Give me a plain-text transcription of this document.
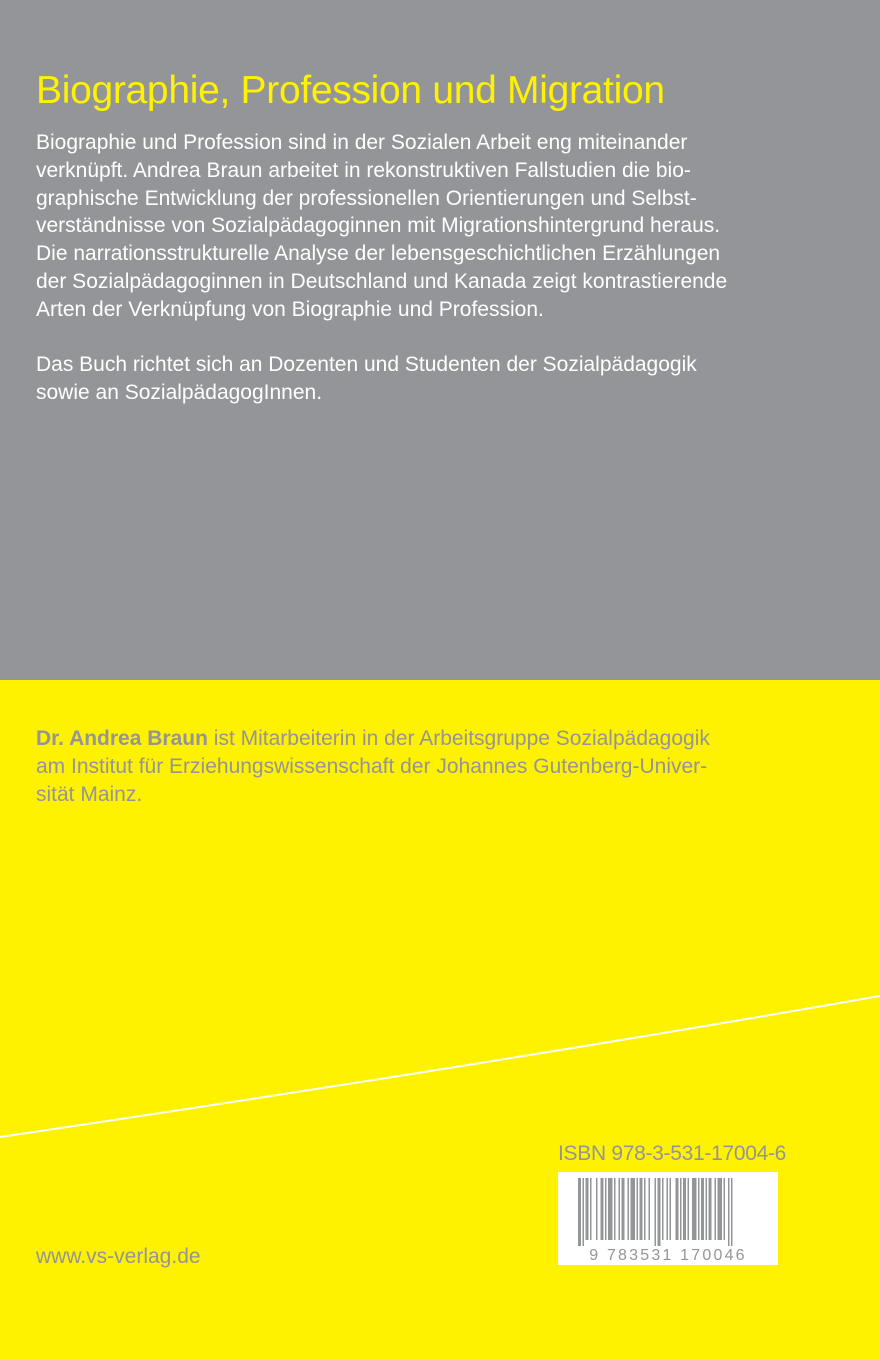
Biographie, Profession und Migration

Biographie und Profession sind in der Sozialen Arbeit eng miteinander
verknüpft. Andrea Braun arbeitet in rekonstruktiven Fallstudien die bio-
graphische Entwicklung der professionellen Orientierungen und Selbst-
verständnisse von Sozialpädagoginnen mit Migrationshintergrund heraus.
Die narrationsstrukturelle Analyse der lebensgeschichtlichen Erzählungen
der Sozialpädagoginnen in Deutschland und Kanada zeigt kontrastierende
Arten der Verknüpfung von Biographie und Profession.

Das Buch richtet sich an Dozenten und Studenten der Sozialpädagogik
sowie an SozialpädagogInnen.

Dr. Andrea Braun ist Mitarbeiterin in der Arbeitsgruppe Sozialpädagogik
am Institut für Erziehungswissenschaft der Johannes Gutenberg-Univer-
sität Mainz.

ISBN 978-3-531-17004-6
9 783531 170046
www.vs-verlag.de
